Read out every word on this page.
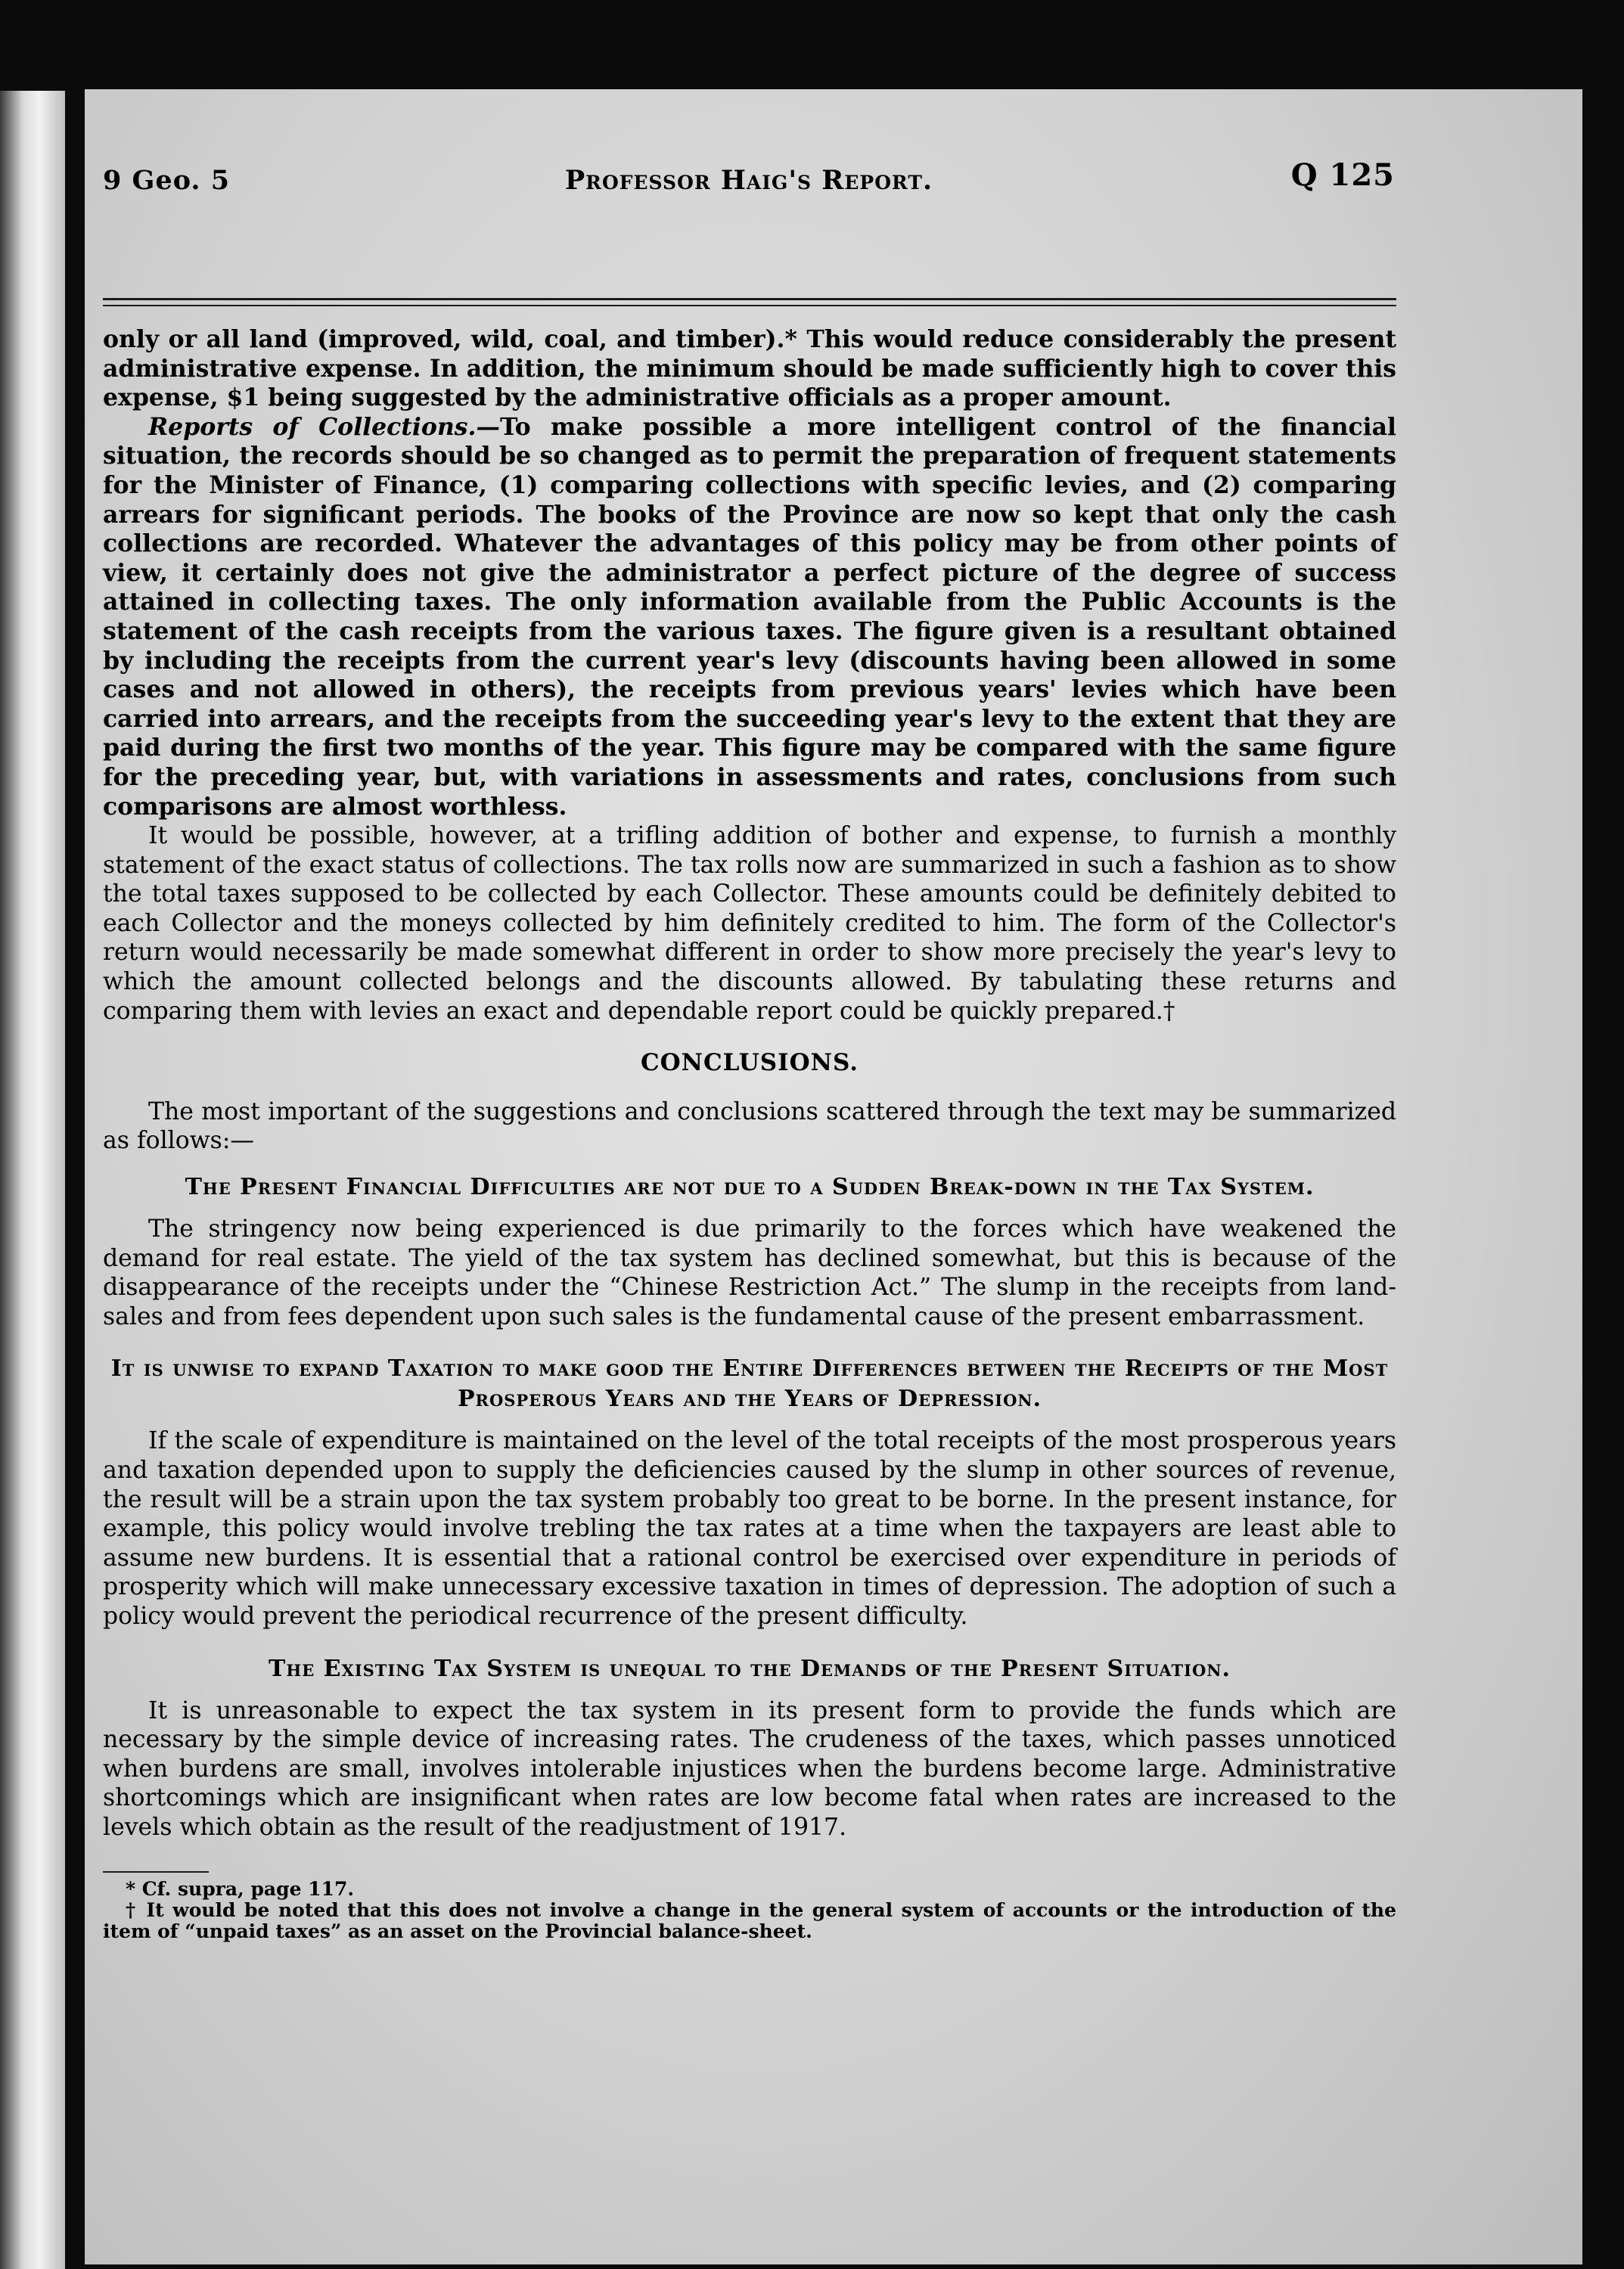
9 Geo. 5	Professor Haig's Report.	Q 125

only or all land (improved, wild, coal, and timber).* This would reduce considerably the present administrative expense. In addition, the minimum should be made sufficiently high to cover this expense, $1 being suggested by the administrative officials as a proper amount.

Reports of Collections.—To make possible a more intelligent control of the financial situation, the records should be so changed as to permit the preparation of frequent statements for the Minister of Finance, (1) comparing collections with specific levies, and (2) comparing arrears for significant periods. The books of the Province are now so kept that only the cash collections are recorded. Whatever the advantages of this policy may be from other points of view, it certainly does not give the administrator a perfect picture of the degree of success attained in collecting taxes. The only information available from the Public Accounts is the statement of the cash receipts from the various taxes. The figure given is a resultant obtained by including the receipts from the current year's levy (discounts having been allowed in some cases and not allowed in others), the receipts from previous years' levies which have been carried into arrears, and the receipts from the succeeding year's levy to the extent that they are paid during the first two months of the year. This figure may be compared with the same figure for the preceding year, but, with variations in assessments and rates, conclusions from such comparisons are almost worthless.

It would be possible, however, at a trifling addition of bother and expense, to furnish a monthly statement of the exact status of collections. The tax rolls now are summarized in such a fashion as to show the total taxes supposed to be collected by each Collector. These amounts could be definitely debited to each Collector and the moneys collected by him definitely credited to him. The form of the Collector's return would necessarily be made somewhat different in order to show more precisely the year's levy to which the amount collected belongs and the discounts allowed. By tabulating these returns and comparing them with levies an exact and dependable report could be quickly prepared.†

CONCLUSIONS.

The most important of the suggestions and conclusions scattered through the text may be summarized as follows:—

The Present Financial Difficulties are not due to a Sudden Break-down in the Tax System.

The stringency now being experienced is due primarily to the forces which have weakened the demand for real estate. The yield of the tax system has declined somewhat, but this is because of the disappearance of the receipts under the “Chinese Restriction Act.” The slump in the receipts from land-sales and from fees dependent upon such sales is the fundamental cause of the present embarrassment.

It is unwise to expand Taxation to make good the Entire Differences between the Receipts of the Most Prosperous Years and the Years of Depression.

If the scale of expenditure is maintained on the level of the total receipts of the most prosperous years and taxation depended upon to supply the deficiencies caused by the slump in other sources of revenue, the result will be a strain upon the tax system probably too great to be borne. In the present instance, for example, this policy would involve trebling the tax rates at a time when the taxpayers are least able to assume new burdens. It is essential that a rational control be exercised over expenditure in periods of prosperity which will make unnecessary excessive taxation in times of depression. The adoption of such a policy would prevent the periodical recurrence of the present difficulty.

The Existing Tax System is unequal to the Demands of the Present Situation.

It is unreasonable to expect the tax system in its present form to provide the funds which are necessary by the simple device of increasing rates. The crudeness of the taxes, which passes unnoticed when burdens are small, involves intolerable injustices when the burdens become large. Administrative shortcomings which are insignificant when rates are low become fatal when rates are increased to the levels which obtain as the result of the readjustment of 1917.

* Cf. supra, page 117.

† It would be noted that this does not involve a change in the general system of accounts or the introduction of the item of “unpaid taxes” as an asset on the Provincial balance-sheet.
